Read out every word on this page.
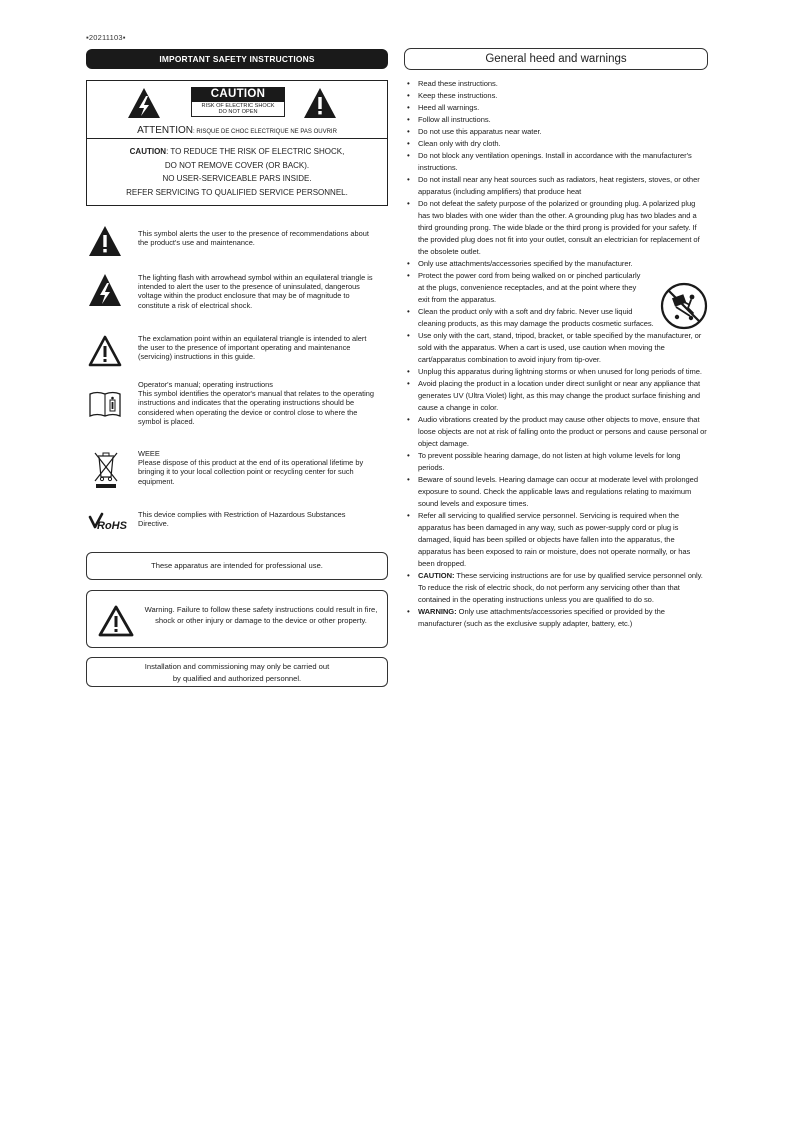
▪20211103▪
IMPORTANT SAFETY INSTRUCTIONS
CAUTION
RISK OF ELECTRIC SHOCK
DO NOT OPEN
ATTENTION: RISQUE DE CHOC ELECTRIQUE NE PAS OUVRIR
CAUTION: TO REDUCE THE RISK OF ELECTRIC SHOCK,
DO NOT REMOVE COVER (OR BACK).
NO USER-SERVICEABLE PARS INSIDE.
REFER SERVICING TO QUALIFIED SERVICE PERSONNEL.
This symbol alerts the user to the presence of recommendations about the product's use and maintenance.
The lighting flash with arrowhead symbol within an equilateral triangle is intended to alert the user to the presence of uninsulated, dangerous voltage within the product enclosure that may be of magnitude to constitute a risk of electrical shock.
The exclamation point within an equilateral triangle is intended to alert the user to the presence of important operating and maintenance (servicing) instructions in this guide.
Operator's manual; operating instructions
This symbol identifies the operator's manual that relates to the operating instructions and indicates that the operating instructions should be considered when operating the device or control close to where the symbol is placed.
WEEE
Please dispose of this product at the end of its operational lifetime by bringing it to your local collection point or recycling center for such equipment.
RoHS
This device complies with Restriction of Hazardous Substances Directive.
These apparatus are intended for professional use.
Warning. Failure to follow these safety instructions could result in fire, shock or other injury or damage to the device or other property.
Installation and commissioning may only be carried out
by qualified and authorized personnel.
General heed and warnings
• Read these instructions.
• Keep these instructions.
• Heed all warnings.
• Follow all instructions.
• Do not use this apparatus near water.
• Clean only with dry cloth.
• Do not block any ventilation openings. Install in accordance with the manufacturer's instructions.
• Do not install near any heat sources such as radiators, heat registers, stoves, or other apparatus (including amplifiers) that produce heat
• Do not defeat the safety purpose of the polarized or grounding plug. A polarized plug has two blades with one wider than the other. A grounding plug has two blades and a third grounding prong. The wide blade or the third prong is provided for your safety. If the provided plug does not fit into your outlet, consult an electrician for replacement of the obsolete outlet.
• Only use attachments/accessories specified by the manufacturer.
• Protect the power cord from being walked on or pinched particularly at the plugs, convenience receptacles, and at the point where they exit from the apparatus.
• Clean the product only with a soft and dry fabric. Never use liquid cleaning products, as this may damage the products cosmetic surfaces.
• Use only with the cart, stand, tripod, bracket, or table specified by the manufacturer, or sold with the apparatus. When a cart is used, use caution when moving the cart/apparatus combination to avoid injury from tip-over.
• Unplug this apparatus during lightning storms or when unused for long periods of time.
• Avoid placing the product in a location under direct sunlight or near any appliance that generates UV (Ultra Violet) light, as this may change the product surface finishing and cause a change in color.
• Audio vibrations created by the product may cause other objects to move, ensure that loose objects are not at risk of falling onto the product or persons and cause personal or object damage.
• To prevent possible hearing damage, do not listen at high volume levels for long periods.
• Beware of sound levels. Hearing damage can occur at moderate level with prolonged exposure to sound. Check the applicable laws and regulations relating to maximum sound levels and exposure times.
• Refer all servicing to qualified service personnel. Servicing is required when the apparatus has been damaged in any way, such as power-supply cord or plug is damaged, liquid has been spilled or objects have fallen into the apparatus, the apparatus has been exposed to rain or moisture, does not operate normally, or has been dropped.
• CAUTION: These servicing instructions are for use by qualified service personnel only. To reduce the risk of electric shock, do not perform any servicing other than that contained in the operating instructions unless you are qualified to do so.
• WARNING: Only use attachments/accessories specified or provided by the manufacturer (such as the exclusive supply adapter, battery, etc.)
